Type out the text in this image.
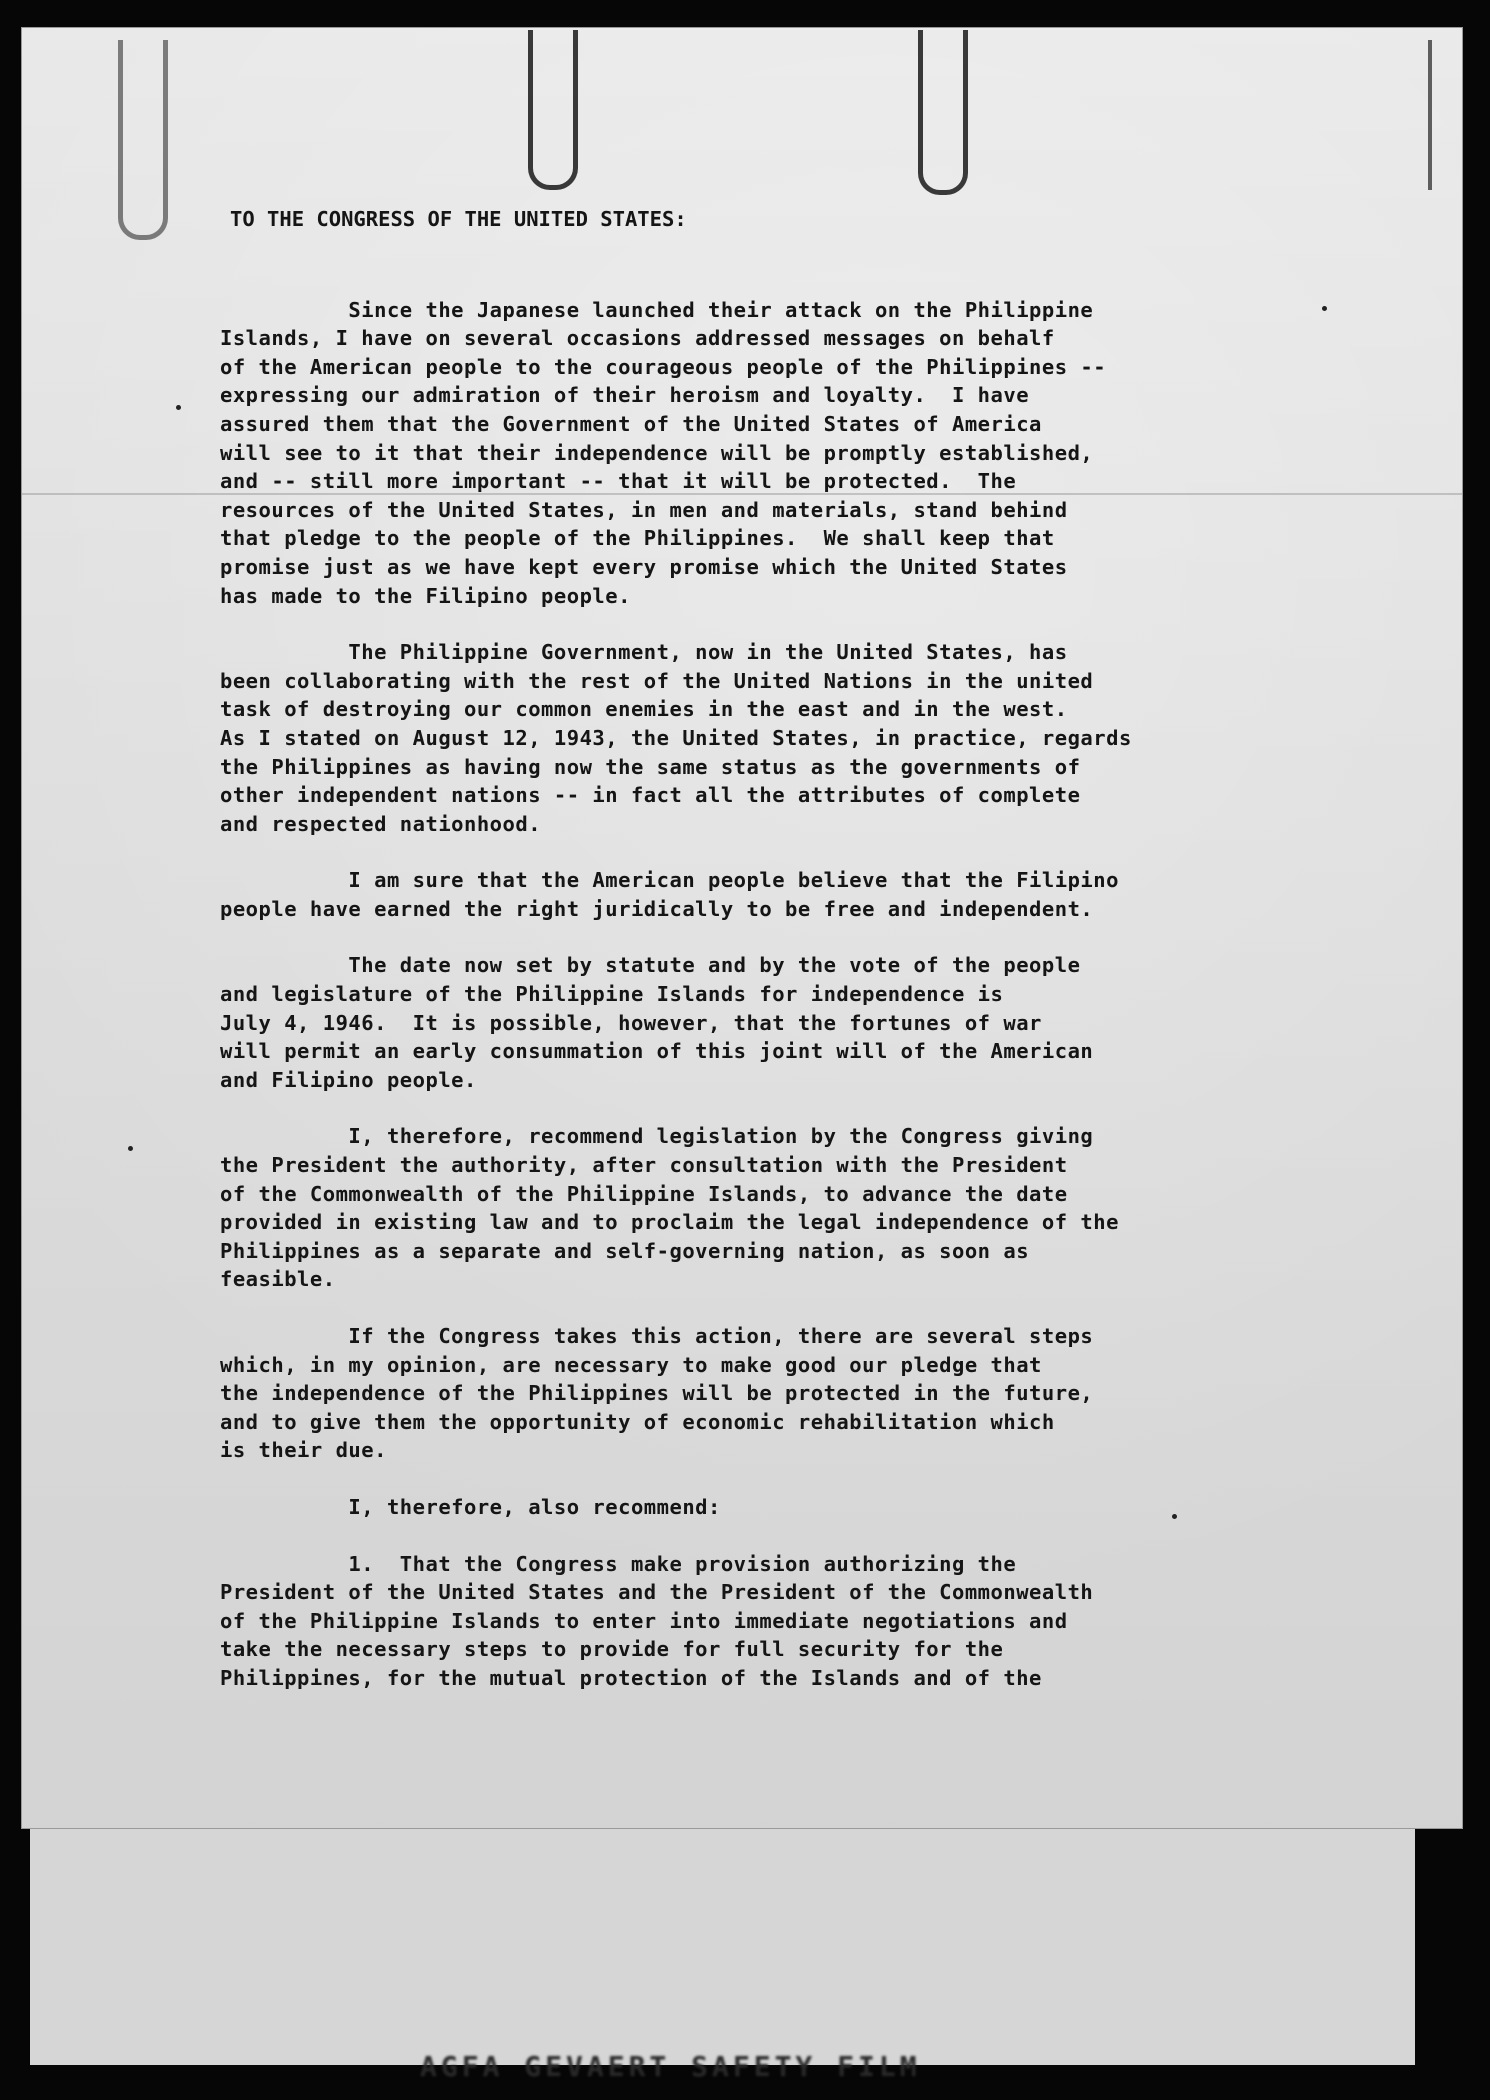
TO THE CONGRESS OF THE UNITED STATES:
Since the Japanese launched their attack on the Philippine
Islands, I have on several occasions addressed messages on behalf
of the American people to the courageous people of the Philippines --
expressing our admiration of their heroism and loyalty.  I have
assured them that the Government of the United States of America
will see to it that their independence will be promptly established,
and -- still more important -- that it will be protected.  The
resources of the United States, in men and materials, stand behind
that pledge to the people of the Philippines.  We shall keep that
promise just as we have kept every promise which the United States
has made to the Filipino people.
The Philippine Government, now in the United States, has
been collaborating with the rest of the United Nations in the united
task of destroying our common enemies in the east and in the west.
As I stated on August 12, 1943, the United States, in practice, regards
the Philippines as having now the same status as the governments of
other independent nations -- in fact all the attributes of complete
and respected nationhood.
I am sure that the American people believe that the Filipino
people have earned the right juridically to be free and independent.
The date now set by statute and by the vote of the people
and legislature of the Philippine Islands for independence is
July 4, 1946.  It is possible, however, that the fortunes of war
will permit an early consummation of this joint will of the American
and Filipino people.
I, therefore, recommend legislation by the Congress giving
the President the authority, after consultation with the President
of the Commonwealth of the Philippine Islands, to advance the date
provided in existing law and to proclaim the legal independence of the
Philippines as a separate and self-governing nation, as soon as
feasible.
If the Congress takes this action, there are several steps
which, in my opinion, are necessary to make good our pledge that
the independence of the Philippines will be protected in the future,
and to give them the opportunity of economic rehabilitation which
is their due.
I, therefore, also recommend:
1.  That the Congress make provision authorizing the
President of the United States and the President of the Commonwealth
of the Philippine Islands to enter into immediate negotiations and
take the necessary steps to provide for full security for the
Philippines, for the mutual protection of the Islands and of the
AGFA GEVAERT SAFETY FILM
